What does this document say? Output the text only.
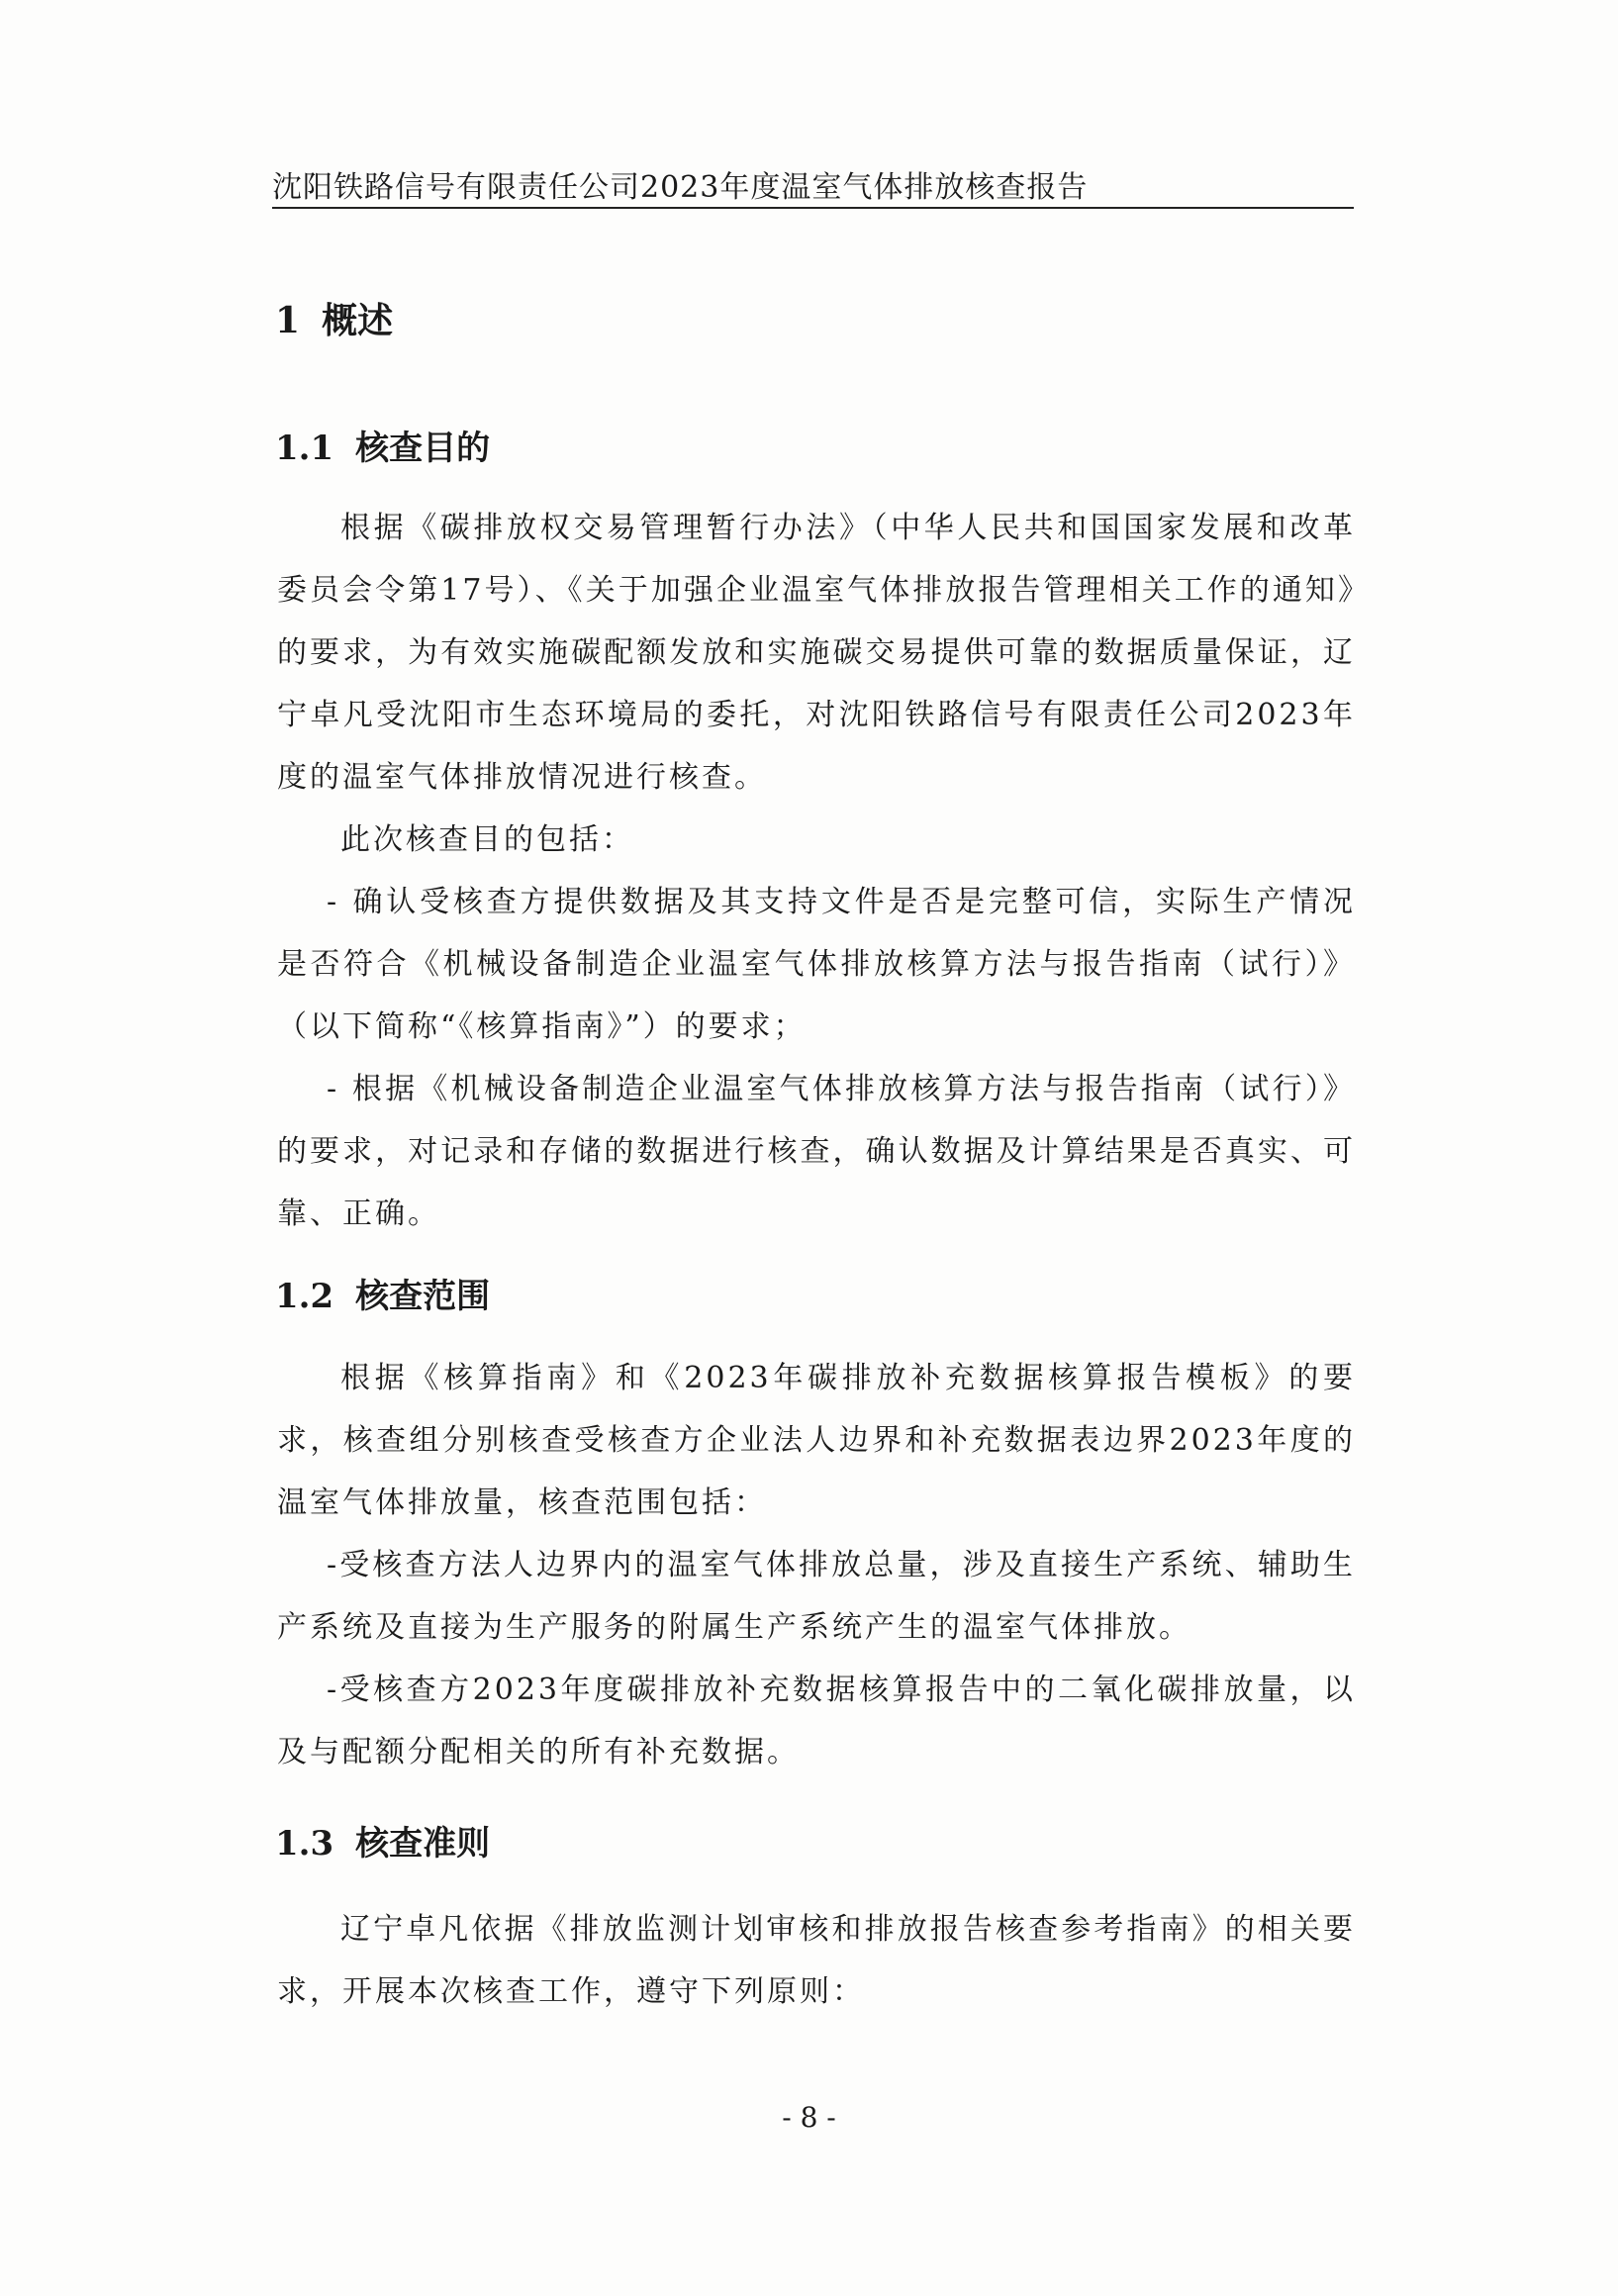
沈阳铁路信号有限责任公司2023年度温室气体排放核查报告
1 概述
1.1 核查目的

根据《碳排放权交易管理暂行办法》（中华人民共和国国家发展和改革委员会令第17号）、《关于加强企业温室气体排放报告管理相关工作的通知》的要求，为有效实施碳配额发放和实施碳交易提供可靠的数据质量保证，辽宁卓凡受沈阳市生态环境局的委托，对沈阳铁路信号有限责任公司2023年度的温室气体排放情况进行核查。

此次核查目的包括：

- 确认受核查方提供数据及其支持文件是否是完整可信，实际生产情况是否符合《机械设备制造企业温室气体排放核算方法与报告指南（试行）》（以下简称“《核算指南》”）的要求；

- 根据《机械设备制造企业温室气体排放核算方法与报告指南（试行）》的要求，对记录和存储的数据进行核查，确认数据及计算结果是否真实、可靠、正确。

1.2 核查范围

根据《核算指南》和《2023年碳排放补充数据核算报告模板》的要求，核查组分别核查受核查方企业法人边界和补充数据表边界2023年度的温室气体排放量，核查范围包括：

-受核查方法人边界内的温室气体排放总量，涉及直接生产系统、辅助生产系统及直接为生产服务的附属生产系统产生的温室气体排放。

-受核查方2023年度碳排放补充数据核算报告中的二氧化碳排放量，以及与配额分配相关的所有补充数据。

1.3 核查准则

辽宁卓凡依据《排放监测计划审核和排放报告核查参考指南》的相关要求，开展本次核查工作，遵守下列原则：

- 8 -
